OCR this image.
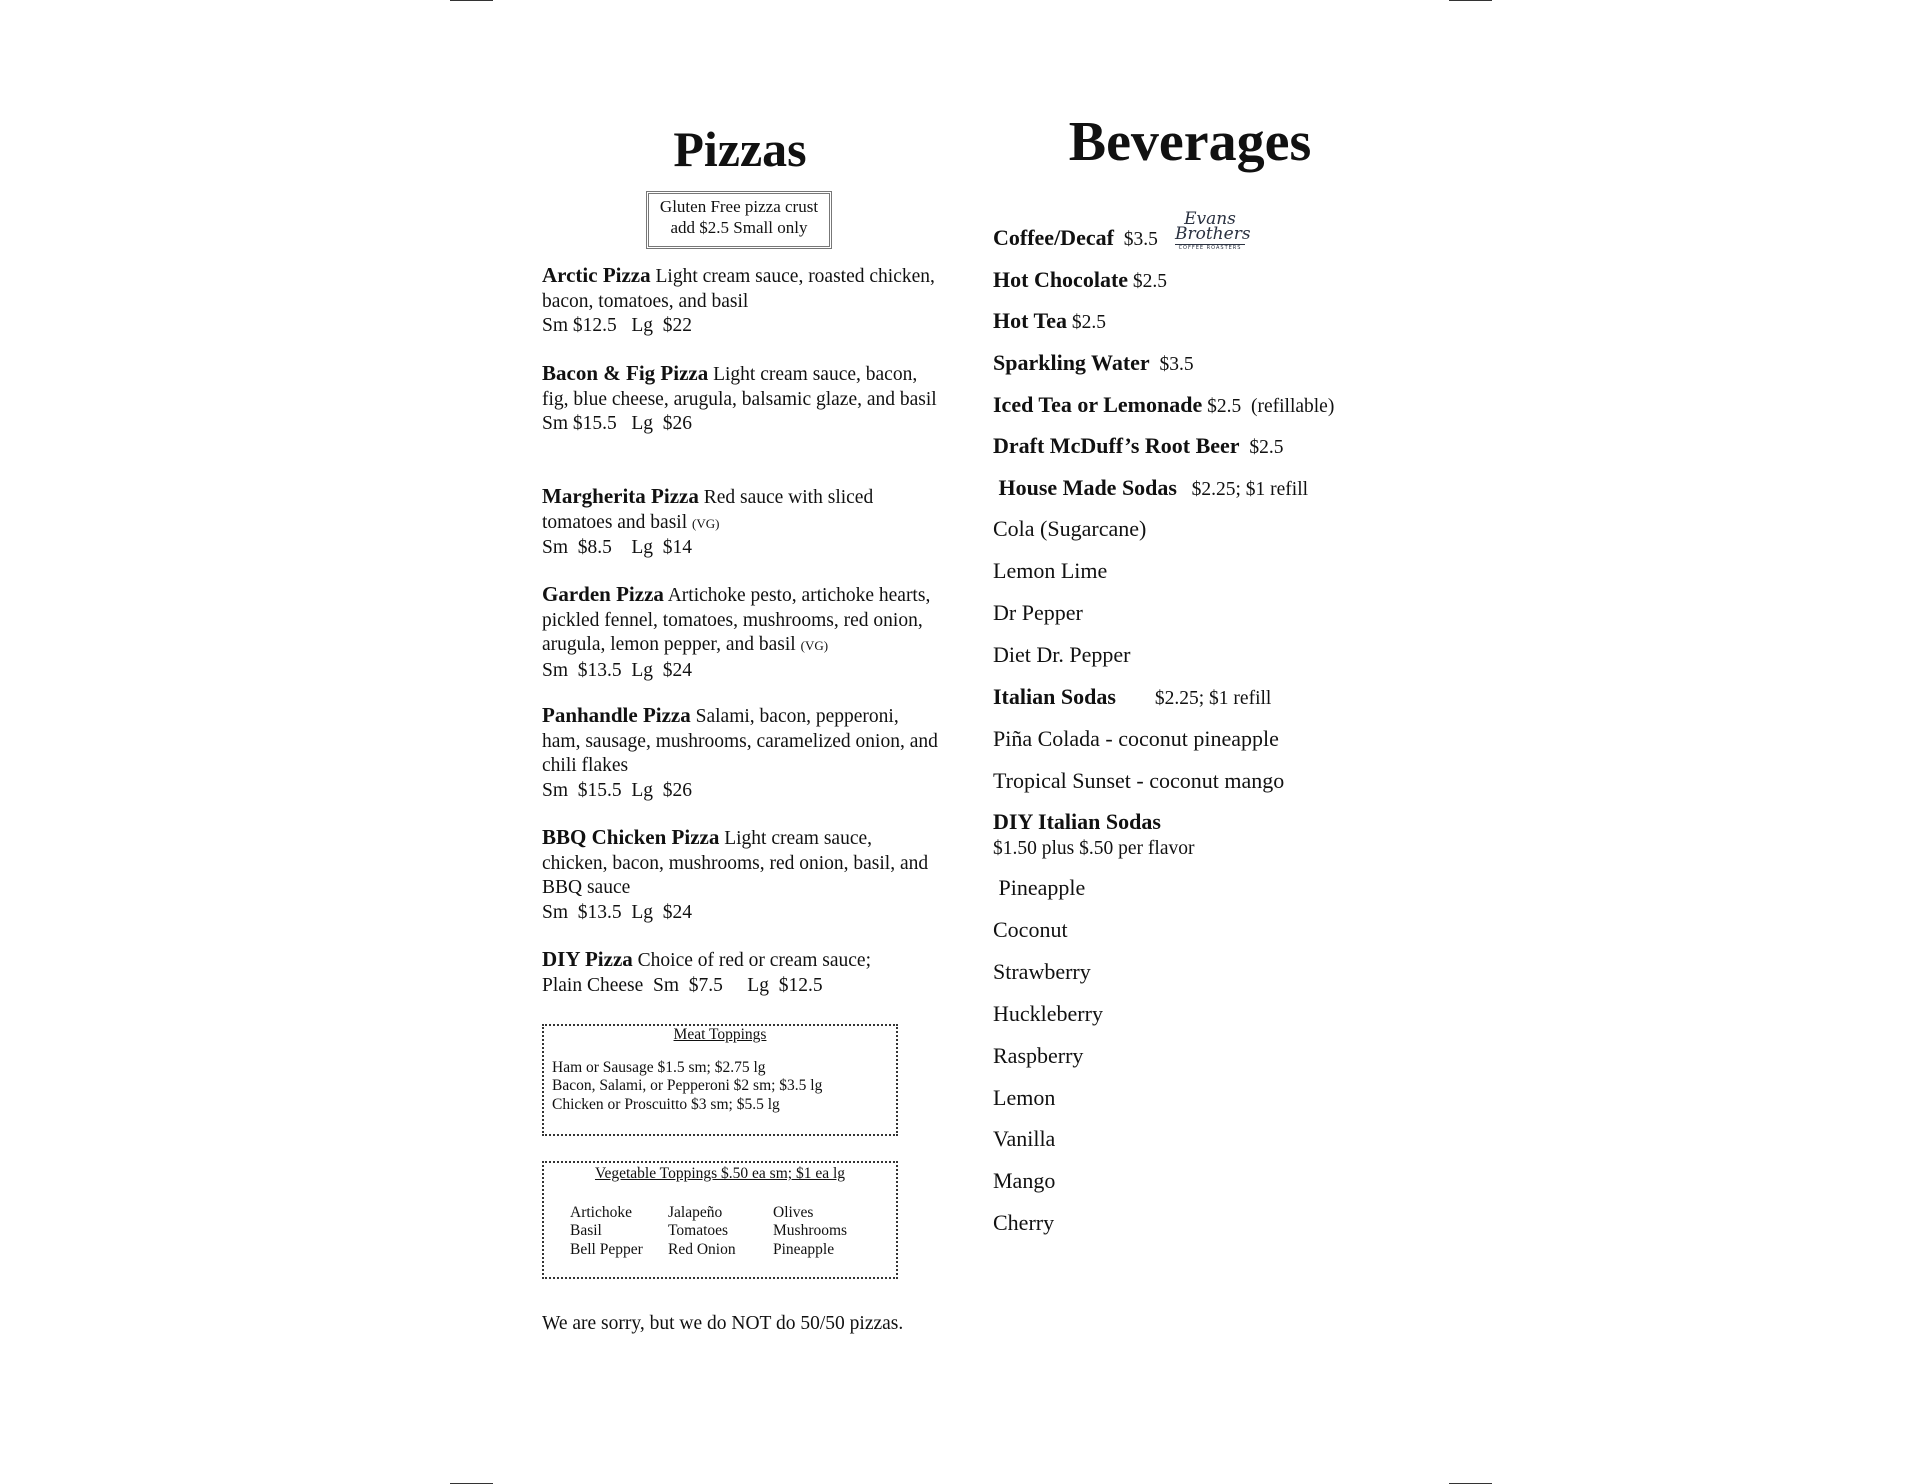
Pizzas
Gluten Free pizza crust
add $2.5 Small only
Arctic Pizza Light cream sauce, roasted chicken, bacon, tomatoes, and basil
Sm $12.5   Lg  $22
Bacon & Fig Pizza Light cream sauce, bacon, fig, blue cheese, arugula, balsamic glaze, and basil
Sm $15.5   Lg  $26
Margherita Pizza Red sauce with sliced tomatoes and basil (VG)
Sm  $8.5    Lg  $14
Garden Pizza Artichoke pesto, artichoke hearts, pickled fennel, tomatoes, mushrooms, red onion, arugula, lemon pepper, and basil (VG)
Sm  $13.5  Lg  $24
Panhandle Pizza Salami, bacon, pepperoni, ham, sausage, mushrooms, caramelized onion, and chili flakes
Sm  $15.5  Lg  $26
BBQ Chicken Pizza Light cream sauce, chicken, bacon, mushrooms, red onion, basil, and BBQ sauce
Sm  $13.5  Lg  $24
DIY Pizza Choice of red or cream sauce;
Plain Cheese  Sm  $7.5     Lg  $12.5
Meat Toppings
Ham or Sausage $1.5 sm; $2.75 lg
Bacon, Salami, or Pepperoni $2 sm; $3.5 lg
Chicken or Proscuitto $3 sm; $5.5 lg
Vegetable Toppings $.50 ea sm; $1 ea lg
Artichoke	Jalapeño	Olives
Basil	Tomatoes	Mushrooms
Bell Pepper	Red Onion	Pineapple
We are sorry, but we do NOT do 50/50 pizzas.
Beverages
Evans
Brothers
COFFEE ROASTERS
Coffee/Decaf  $3.5
Hot Chocolate $2.5
Hot Tea $2.5
Sparkling Water  $3.5
Iced Tea or Lemonade $2.5  (refillable)
Draft McDuff’s Root Beer  $2.5
House Made Sodas   $2.25; $1 refill
Cola (Sugarcane)
Lemon Lime
Dr Pepper
Diet Dr. Pepper
Italian Sodas        $2.25; $1 refill
Piña Colada - coconut pineapple
Tropical Sunset - coconut mango
DIY Italian Sodas
$1.50 plus $.50 per flavor
Pineapple
Coconut
Strawberry
Huckleberry
Raspberry
Lemon
Vanilla
Mango
Cherry
